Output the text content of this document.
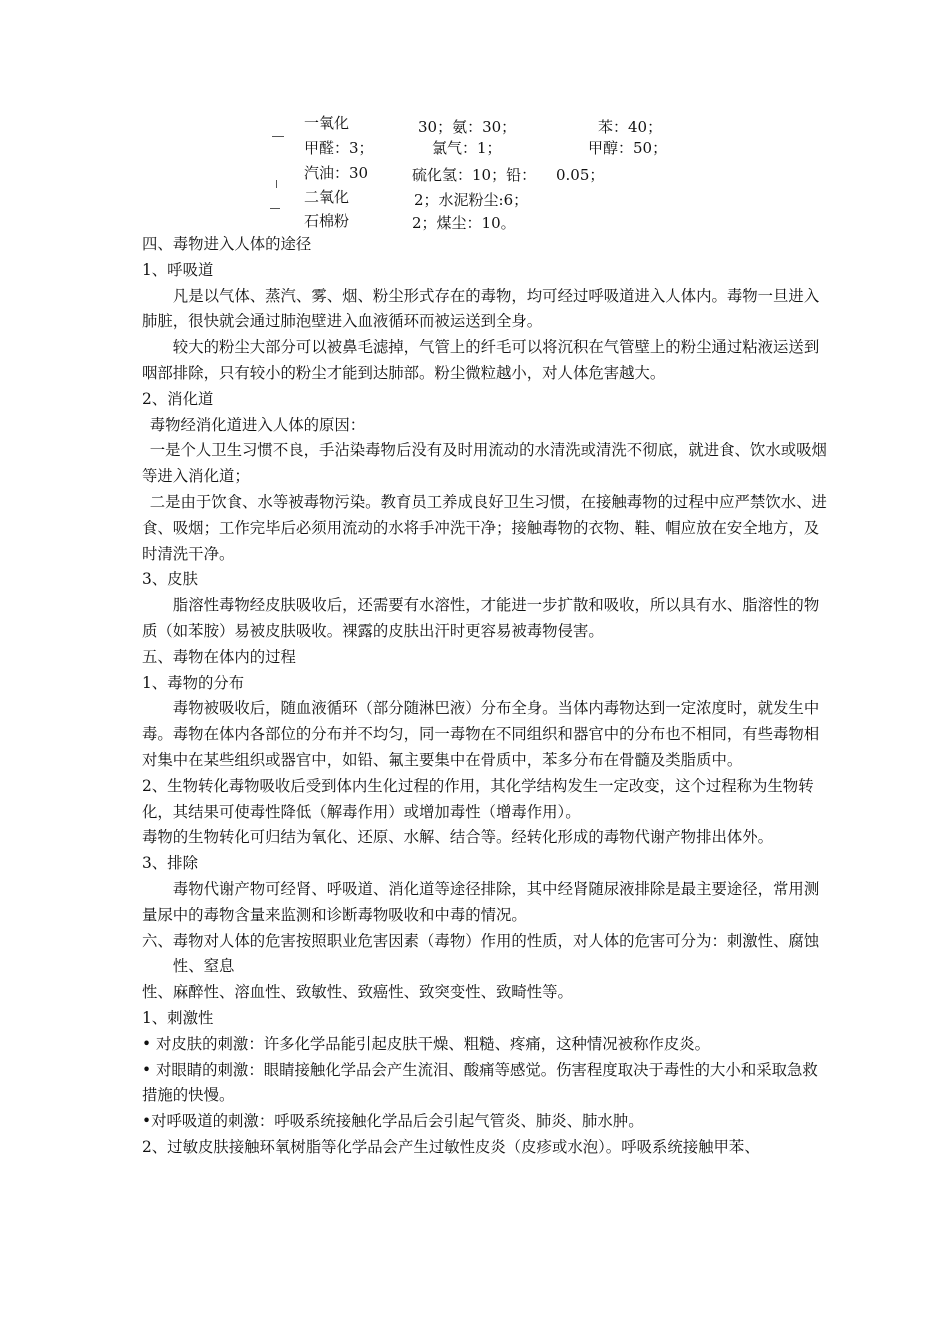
一氧化	30；氨：30；	苯：40；
甲醛：3；	氯气：1；	甲醇：50；
汽油：30	硫化氢：10；铅： 0.05；
二氧化	2；水泥粉尘:6；
石棉粉	2；煤尘：10。

四、毒物进入人体的途径

1、呼吸道

凡是以气体、蒸汽、雾、烟、粉尘形式存在的毒物，均可经过呼吸道进入人体内。毒物一旦进入肺脏，很快就会通过肺泡壁进入血液循环而被运送到全身。

较大的粉尘大部分可以被鼻毛滤掉，气管上的纤毛可以将沉积在气管壁上的粉尘通过粘液运送到咽部排除，只有较小的粉尘才能到达肺部。粉尘微粒越小，对人体危害越大。

2、消化道

毒物经消化道进入人体的原因：

一是个人卫生习惯不良，手沾染毒物后没有及时用流动的水清洗或清洗不彻底，就进食、饮水或吸烟等进入消化道；

二是由于饮食、水等被毒物污染。教育员工养成良好卫生习惯，在接触毒物的过程中应严禁饮水、进食、吸烟；工作完毕后必须用流动的水将手冲洗干净；接触毒物的衣物、鞋、帽应放在安全地方，及时清洗干净。

3、皮肤

脂溶性毒物经皮肤吸收后，还需要有水溶性，才能进一步扩散和吸收，所以具有水、脂溶性的物质（如苯胺）易被皮肤吸收。裸露的皮肤出汗时更容易被毒物侵害。

五、毒物在体内的过程

1、毒物的分布

毒物被吸收后，随血液循环（部分随淋巴液）分布全身。当体内毒物达到一定浓度时，就发生中毒。毒物在体内各部位的分布并不均匀，同一毒物在不同组织和器官中的分布也不相同，有些毒物相对集中在某些组织或器官中，如铅、氟主要集中在骨质中，苯多分布在骨髓及类脂质中。

2、生物转化毒物吸收后受到体内生化过程的作用，其化学结构发生一定改变，这个过程称为生物转

化，其结果可使毒性降低（解毒作用）或增加毒性（增毒作用）。

毒物的生物转化可归结为氧化、还原、水解、结合等。经转化形成的毒物代谢产物排出体外。

3、排除

毒物代谢产物可经肾、呼吸道、消化道等途径排除，其中经肾随尿液排除是最主要途径，常用测量尿中的毒物含量来监测和诊断毒物吸收和中毒的情况。

六、毒物对人体的危害按照职业危害因素（毒物）作用的性质，对人体的危害可分为：刺激性、腐蚀性、窒息

性、麻醉性、溶血性、致敏性、致癌性、致突变性、致畸性等。

1、刺激性

• 对皮肤的刺激：许多化学品能引起皮肤干燥、粗糙、疼痛，这种情况被称作皮炎。

• 对眼睛的刺激：眼睛接触化学品会产生流泪、酸痛等感觉。伤害程度取决于毒性的大小和采取急救措施的快慢。

•对呼吸道的刺激：呼吸系统接触化学品后会引起气管炎、肺炎、肺水肿。

2、过敏皮肤接触环氧树脂等化学品会产生过敏性皮炎（皮疹或水泡）。呼吸系统接触甲苯、
